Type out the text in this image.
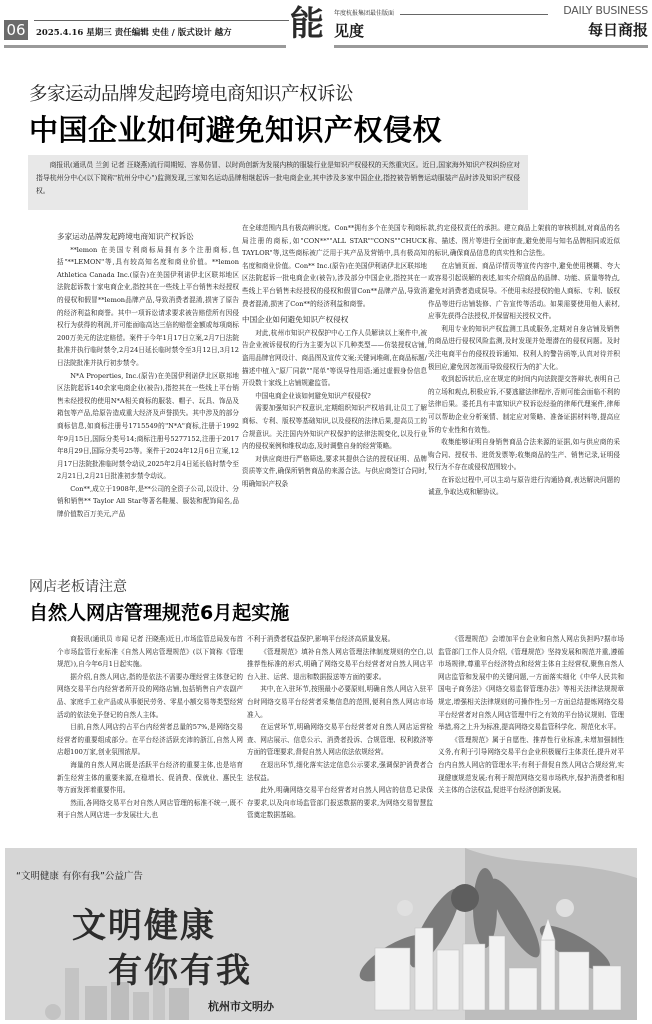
06 2025.4.16 星期三 责任编辑 史佳 / 版式设计 越方 能 年度杭报集团最佳版面
见度
DAILY BUSINESS
每日商报
多家运动品牌发起跨境电商知识产权诉讼
中国企业如何避免知识产权侵权

商报讯(通讯员 兰剑 记者 汪晓燕)流行周期短、容易仿冒、以时尚创新为发展内核的服装行业是知识产权侵权的天然重灾区。近日,国家海外知识产权纠纷应对指导杭州分中心(以下简称"杭州分中心")监测发现,三家知名运动品牌相继起诉一批电商企业,其中涉及多家中国企业,指控被告销售运动服装产品时涉及知识产权侵权。

多家运动品牌发起跨境电商知识产权诉讼

**lemon 在美国专利商标局拥有多个注册商标,包括"**LEMON"等,具有较高知名度和商业价值。**lemon Athletica Canada Inc.(原告)在美国伊利诺伊北区联邦地区法院起诉数十家电商企业,指控其在一些线上平台销售未经授权的侵权和假冒**lemon品牌产品,导致消费者混淆,损害了原告的经济利益和商誉。其中一项诉讼请求要求被告赔偿所有因侵权行为获得的利润,并可能面临高达三倍的赔偿金额或每项商标200万美元的法定赔偿。案件于今年1月17日立案,2月7日法院批准并执行临时禁令,2月24日延长临时禁令至3月12日,3月12日法院批准并执行初步禁令。

N*A Properties, Inc.(原告)在美国伊利诺伊北区联邦地区法院起诉140余家电商企业(被告),指控其在一些线上平台销售未经授权的使用N*A相关商标的服装、帽子、玩具、饰品及箱包等产品,给原告造成重大经济及声誉损失。其中涉及的部分商标信息,如商标注册号1715549的"N*A"商标,注册于1992年9月15日,国际分类号14;商标注册号5277152,注册于2017年8月29日,国际分类号25等。案件于2024年12月6日立案,12月17日法院批准临时禁令动议,2025年2月4日延长临时禁令至2月21日,2月21日批准初步禁令动议。

Con**,成立于1908年,是**公司的全资子公司,以设计、分销和销售** Taylor All Star等著名鞋履、服装和配饰闻名,品牌价值数百万美元,产品

在全球范围内具有极高辨识度。Con**拥有多个在美国专利商标局注册的商标,如"CON**""ALL STAR""CONS""CHUCK TAYLOR"等,这些商标被广泛用于其产品及营销中,具有极高知名度和商业价值。Con** Inc.(原告)在美国伊利诺伊北区联邦地区法院起诉一批电商企业(被告),涉及部分中国企业,指控其在一些线上平台销售未经授权的侵权和假冒Con**品牌产品,导致消费者混淆,损害了Con**的经济利益和商誉。

中国企业如何避免知识产权侵权

对此,杭州市知识产权保护中心工作人员解读以上案件中,被告企业被诉侵权的行为主要为以下几种类型——仿装授权店铺,盗用品牌官网设计、商品图及宣传文案;关键词堆砌,在商品标题/描述中植入"原厂同款""尾单"等误导性用语;通过虚假身份信息开设数十家线上店铺规避监管。

中国电商企业该如何避免知识产权侵权?

需要加强知识产权意识,定期组织知识产权培训,让员工了解商标、专利、版权等基础知识,以及侵权的法律后果,提高员工的合规意识。关注国内外知识产权保护的法律法规变化,以及行业内的侵权案例和维权动态,及时调整自身的经营策略。

对供应商进行严格筛选,要求其提供合法的授权证明、品牌资质等文件,确保所销售商品的来源合法。与供应商签订合同时,明确知识产权条

款,约定侵权责任的承担。建立商品上架前的审核机制,对商品的名称、描述、图片等进行全面审查,避免使用与知名品牌相同或近似的标识,确保商品信息的真实性和合法性。

在店铺页面、商品详情页等宣传内容中,避免使用模糊、夸大或容易引起误解的表述,如实介绍商品的品牌、功能、质量等特点,避免对消费者造成误导。不使用未经授权的他人商标、专利、版权作品等进行店铺装修、广告宣传等活动。如果需要使用他人素材,应事先获得合法授权,并保留相关授权文件。

利用专业的知识产权监测工具或服务,定期对自身店铺及销售的商品进行侵权风险监测,及时发现并处理潜在的侵权问题。及时关注电商平台的侵权投诉通知、权利人的警告函等,认真对待并积极回应,避免因忽视而导致侵权行为的扩大化。

收到起诉状后,应在规定的时间内向法院提交答辩状,表明自己的立场和观点,积极应诉,不要逃避法律程序,否则可能会面临不利的法律后果。委托具有丰富知识产权诉讼经验的律师代理案件,律师可以帮助企业分析案情、制定应对策略、准备证据材料等,提高应诉的专业性和有效性。

收集能够证明自身销售商品合法来源的证据,如与供应商的采购合同、授权书、进货发票等;收集商品的生产、销售记录,证明侵权行为不存在或侵权范围较小。

在诉讼过程中,可以主动与原告进行沟通协商,表达解决问题的诚意,争取达成和解协议。

网店老板请注意
自然人网店管理规范6月起实施

商报讯(通讯员 市闻 记者 汪晓燕)近日,市场监管总局发布首个市场监管行业标准《自然人网店管理规范》(以下简称《管理规范》),自今年6月1日起实施。

据介绍,自然人网店,指的是依法不需要办理经营主体登记的网络交易平台内经营者所开设的网络店铺,包括销售自产农副产品、家庭手工业产品或从事便民劳务、零星小额交易等类型经营活动的依法免予登记的自然人主体。

目前,自然人网店约占平台内经营者总量的57%,是网络交易经营者的重要组成部分。在平台经济活跃充沛的浙江,自然人网店超100万家,创业氛围浓厚。

海量的自然人网店既是活跃平台经济的重要主体,也是培育新生经营主体的重要来源,在稳增长、促消费、保就业、惠民生等方面发挥着重要作用。

然而,各网络交易平台对自然人网店管理的标准不统一,既不利于自然人网店进一步发展壮大,也

不利于消费者权益保护,影响平台经济高质量发展。

《管理规范》填补自然人网店管理法律制度规则的空白,以推荐性标准的形式,明确了网络交易平台经营者对自然人网店平台入驻、运营、退出和数据报送等方面的要求。

其中,在入驻环节,按照最小必要原则,明确自然人网店入驻平台时网络交易平台经营者采集信息的范围,便利自然人网店市场准入。

在运营环节,明确网络交易平台经营者对自然人网店运营检查、网店展示、信息公示、消费者投诉、合规管理、权利救济等方面的管理要求,督促自然人网店依法依规经营。

在退出环节,细化落实法定信息公示要求,强调保护消费者合法权益。

此外,明确网络交易平台经营者对自然人网店的信息记录保存要求,以及向市场监管部门报送数据的要求,为网络交易智慧监管奠定数据基础。

《管理规范》会增加平台企业和自然人网店负担吗?据市场监管部门工作人员介绍,《管理规范》坚持发展和规范并重,遵循市场规律,尊重平台经济特点和经营主体自主经营权,聚焦自然人网店监管和发展中的关键问题,一方面落实细化《中华人民共和国电子商务法》《网络交易监督管理办法》等相关法律法规规章规定,增强相关法律规则的可操作性;另一方面总结提炼网络交易平台经营者对自然人网店管理中行之有效的平台协议规则、管理举措,将之上升为标准,提高网络交易监管科学化、规范化水平。

《管理规范》属于自愿性、推荐性行业标准,未增加强制性义务,有利于引导网络交易平台企业积极履行主体责任,提升对平台内自然人网店的管理水平;有利于督促自然人网店合规经营,实现健康规范发展;有利于规范网络交易市场秩序,保护消费者和相关主体的合法权益,促进平台经济创新发展。

“文明健康 有你有我”公益广告
文明健康
有你有我
杭州市文明办
